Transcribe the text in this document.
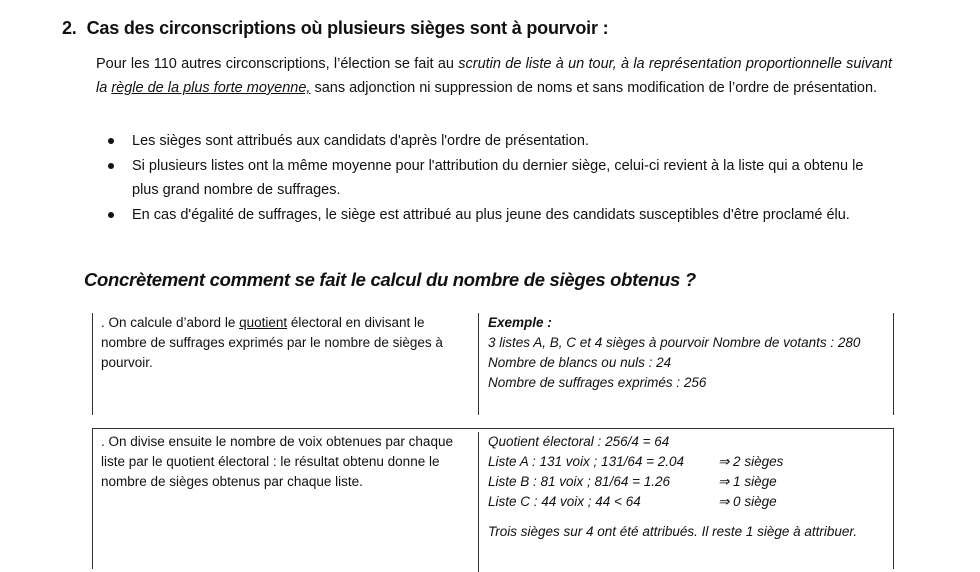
2. Cas des circonscriptions où plusieurs sièges sont à pourvoir :

Pour les 110 autres circonscriptions, l’élection se fait au scrutin de liste à un tour, à la représentation proportionnelle suivant la règle de la plus forte moyenne, sans adjonction ni suppression de noms et sans modification de l’ordre de présentation.

Les sièges sont attribués aux candidats d'après l'ordre de présentation.
Si plusieurs listes ont la même moyenne pour l'attribution du dernier siège, celui-ci revient à la liste qui a obtenu le plus grand nombre de suffrages.
En cas d'égalité de suffrages, le siège est attribué au plus jeune des candidats susceptibles d'être proclamé élu.
Concrètement comment se fait le calcul du nombre de sièges obtenus ?
. On calcule d’abord le quotient électoral en divisant le nombre de suffrages exprimés par le nombre de sièges à pourvoir.
Exemple :
3 listes A, B, C et 4 sièges à pourvoir Nombre de votants : 280
Nombre de blancs ou nuls : 24
Nombre de suffrages exprimés : 256
. On divise ensuite le nombre de voix obtenues par chaque liste par le quotient électoral : le résultat obtenu donne le nombre de sièges obtenus par chaque liste.
Quotient électoral : 256/4 = 64
Liste A : 131 voix ; 131/64 = 2.04	⇒ 2 sièges
Liste B : 81 voix ; 81/64 = 1.26	⇒ 1 siège
Liste C : 44 voix ; 44 < 64	⇒ 0 siège
Trois sièges sur 4 ont été attribués. Il reste 1 siège à attribuer.
